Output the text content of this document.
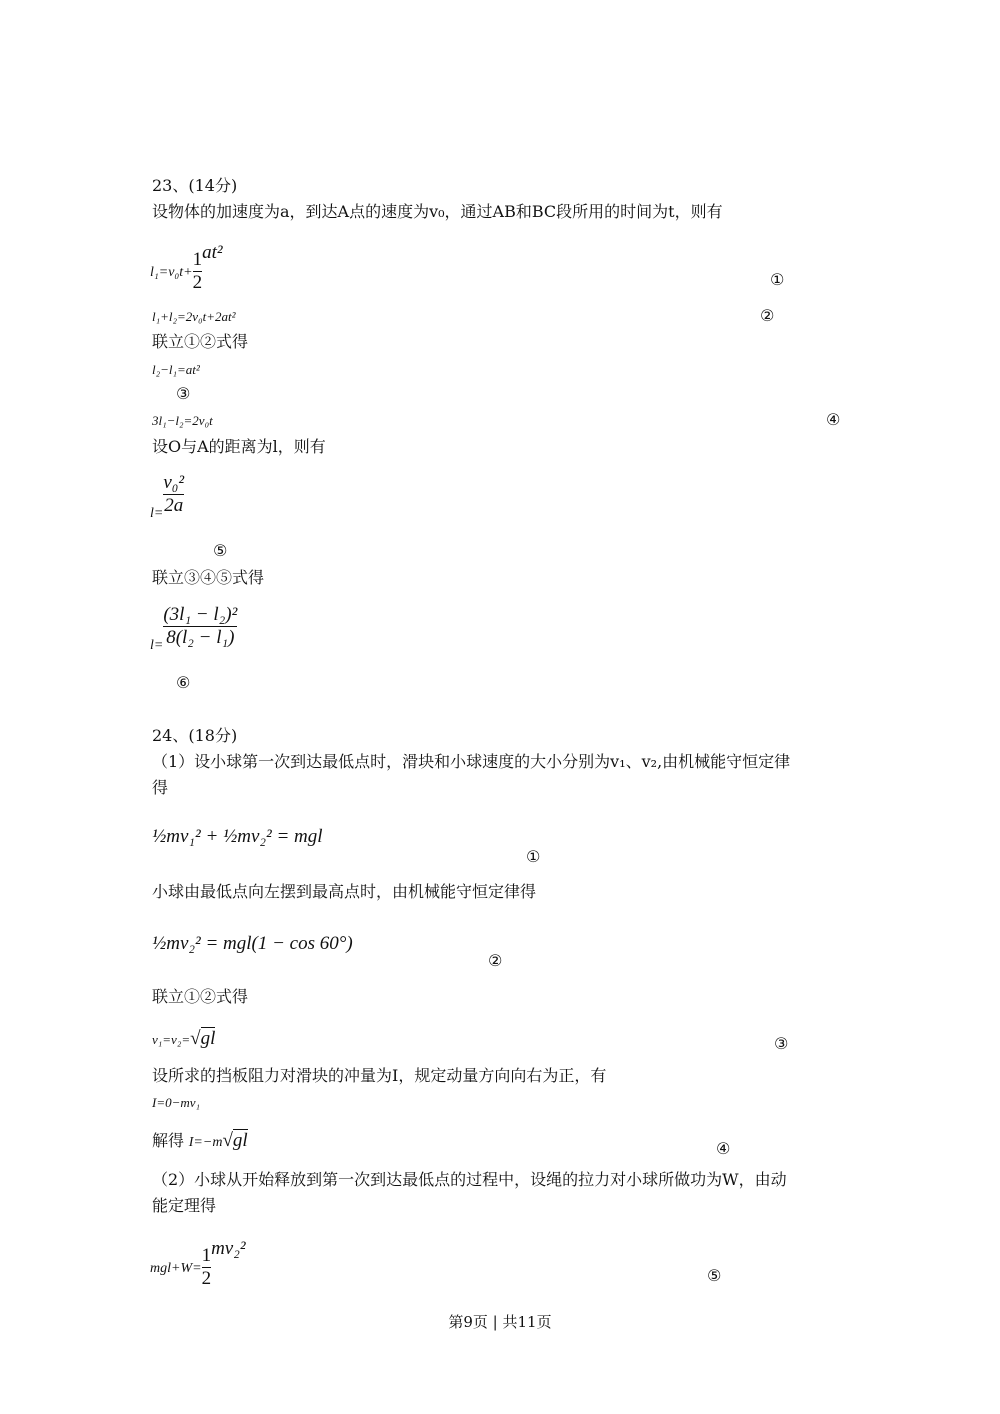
23、(14分)
设物体的加速度为a，到达A点的速度为v₀，通过AB和BC段所用的时间为t，则有
$l_1=v_0t+ \frac{1}{2} at^2$
①
l₁+l₂=2v₀t+2at²	②
联立①②式得
l₂−l₁=at²
③
3l₁−l₂=2v₀t	④
设O与A的距离为l，则有
$_{l=} \frac{\text{v₀²}}{2a}$
⑤
联立③④⑤式得
$_{l=} \frac{\text{(3l₁ − l₂)²}}{\text{8(l₂ − l₁)}}$
⑥
24、(18分)
（1）设小球第一次到达最低点时，滑块和小球速度的大小分别为v₁、v₂,由机械能守恒定律
得
½mv₁² + ½mv₂² = mgl
①
小球由最低点向左摆到最高点时，由机械能守恒定律得
½mv₂² = mgl(1 − cos 60°)
②
联立①②式得
v₁=v₂=√gl	③
设所求的挡板阻力对滑块的冲量为I，规定动量方向向右为正，有
I=0−mv₁
解得 I=−m√gl	④
（2）小球从开始释放到第一次到达最低点的过程中，设绳的拉力对小球所做功为W，由动
能定理得
$mgl+W= \frac{1}{2} mv_2^2$
⑤
第9页 | 共11页
